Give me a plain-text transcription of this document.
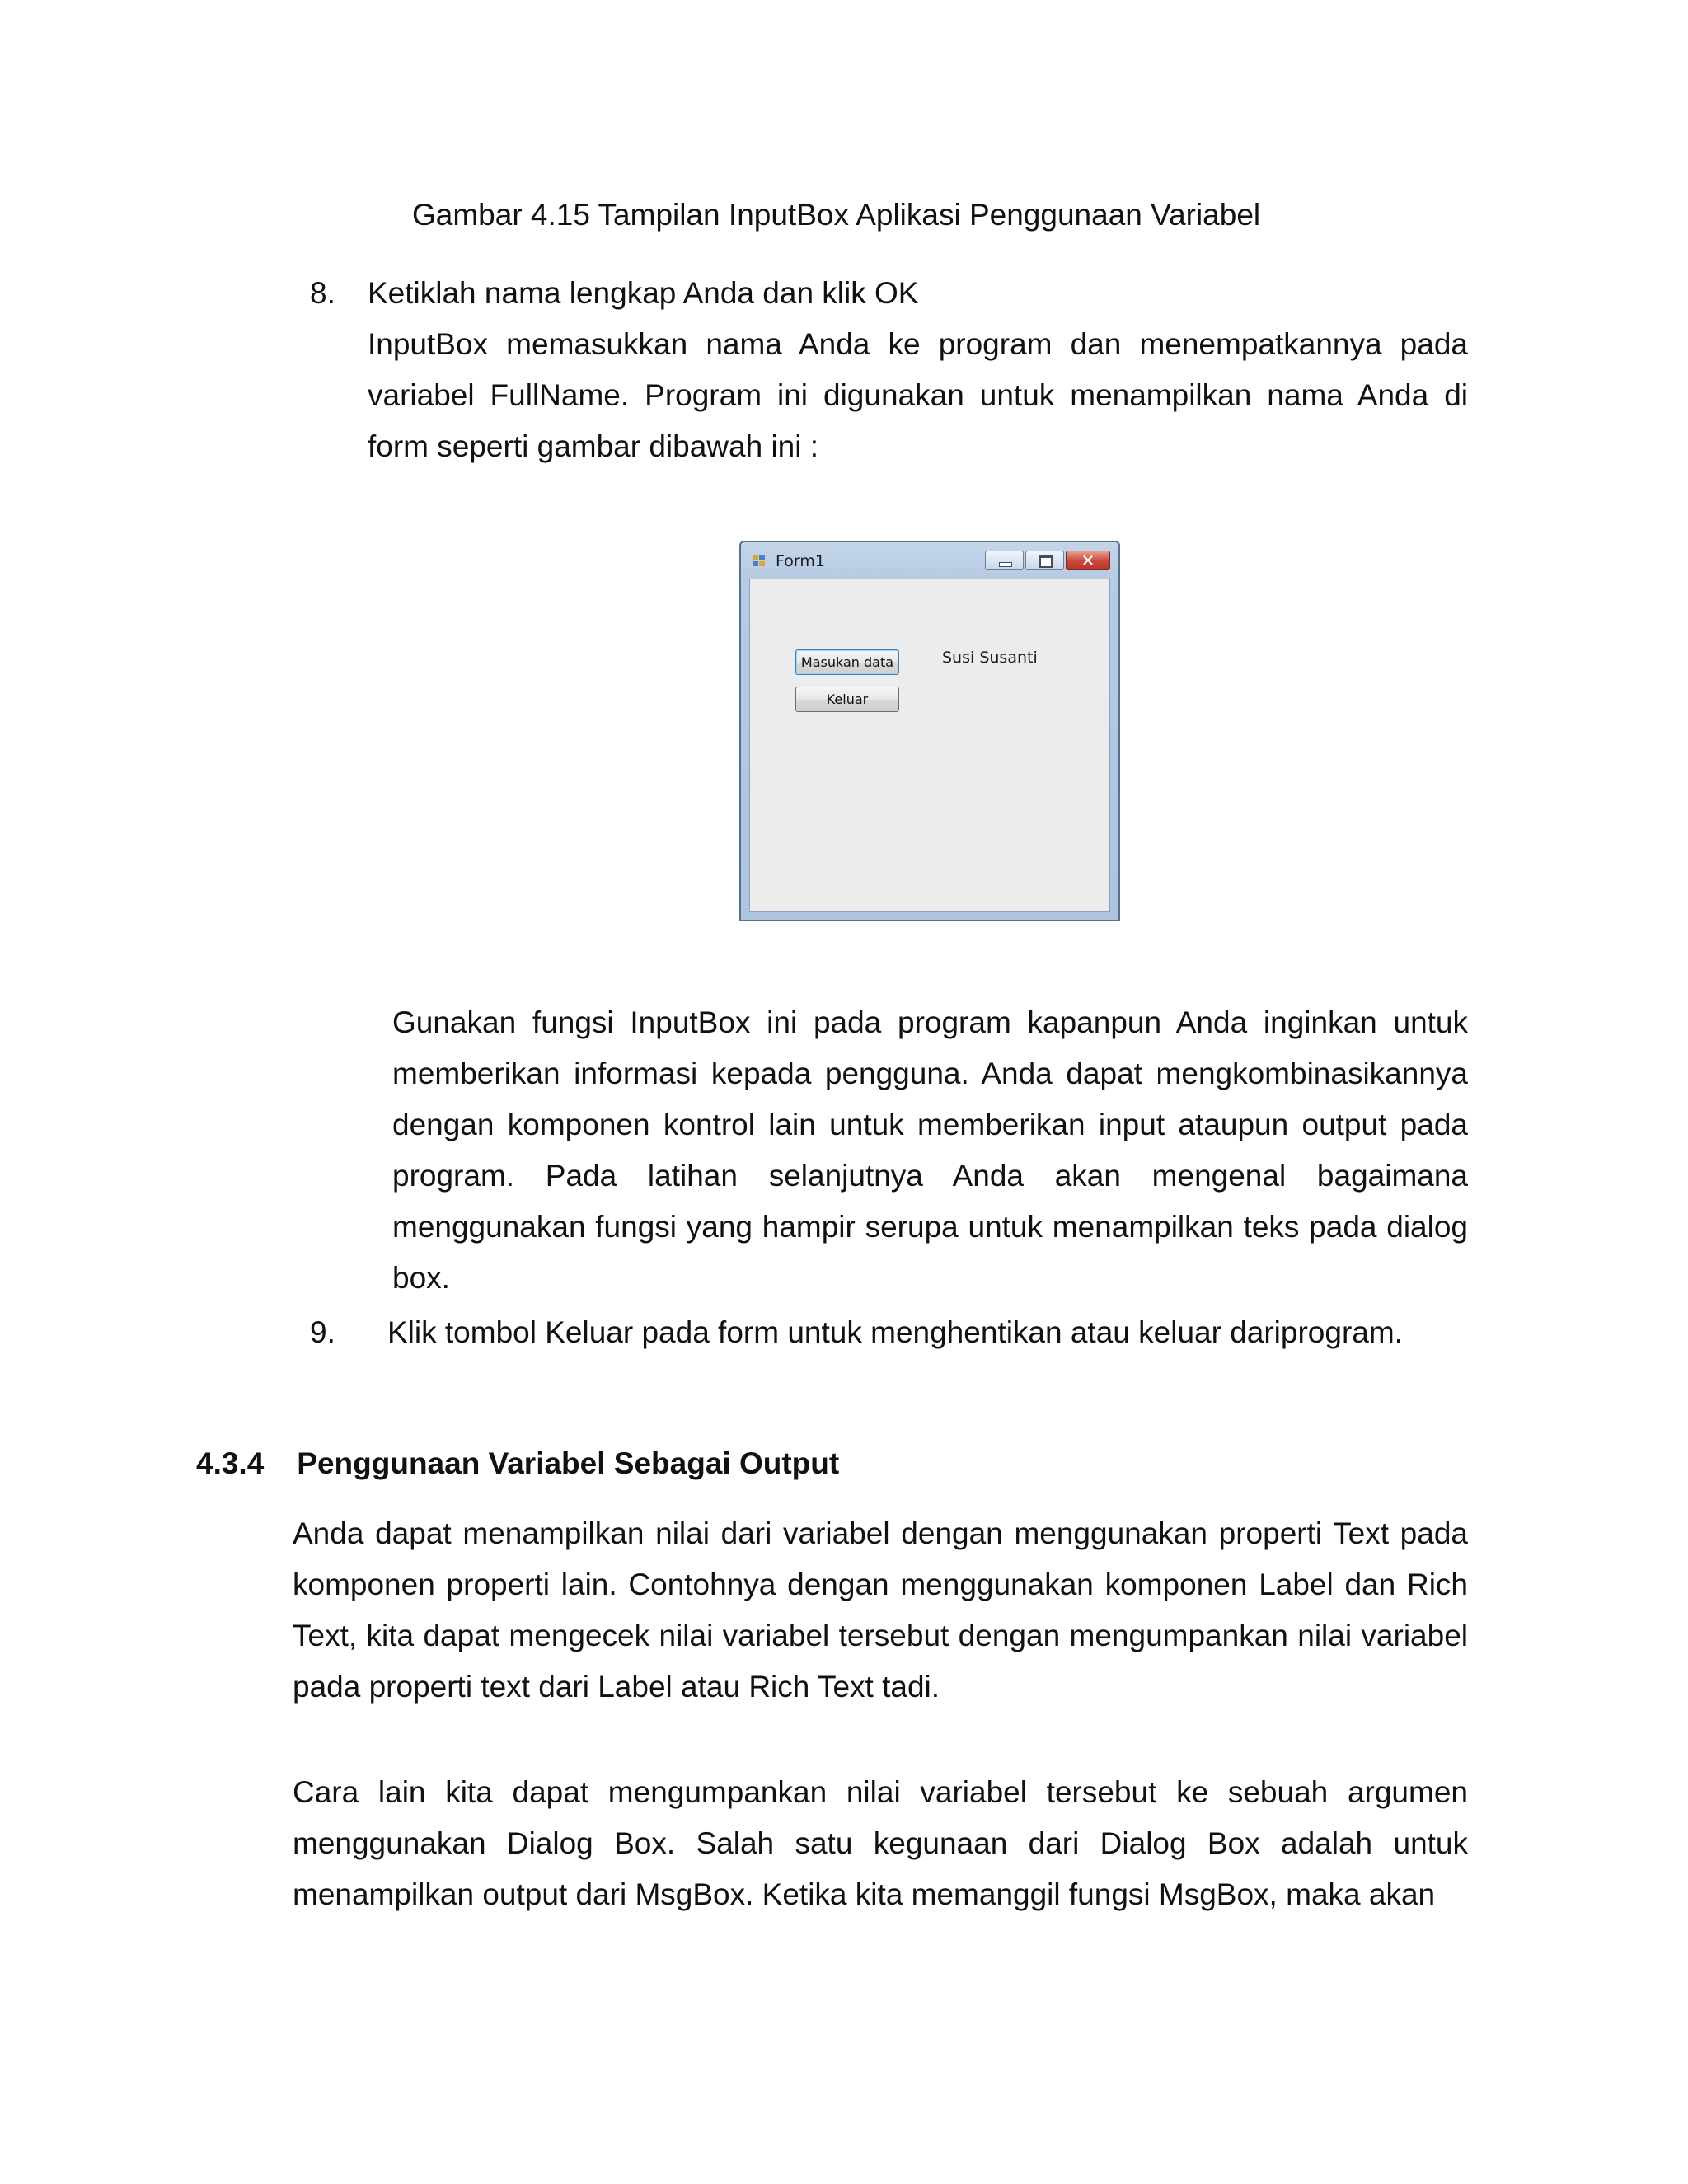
Gambar 4.15 Tampilan InputBox Aplikasi Penggunaan Variabel
8. Ketiklah nama lengkap Anda dan klik OK

InputBox memasukkan nama Anda ke program dan menempatkannya pada variabel FullName. Program ini digunakan untuk menampilkan nama Anda di form seperti gambar dibawah ini :

Form1	✕
Masukan data
Keluar
Susi Susanti

Gunakan fungsi InputBox ini pada program kapanpun Anda inginkan untuk memberikan informasi kepada pengguna. Anda dapat mengkombinasikannya dengan komponen kontrol lain untuk memberikan input ataupun output pada program. Pada latihan selanjutnya Anda akan mengenal bagaimana menggunakan fungsi yang hampir serupa untuk menampilkan teks pada dialog box.

9. Klik tombol Keluar pada form untuk menghentikan atau keluar dariprogram.
4.3.4 Penggunaan Variabel Sebagai Output

Anda dapat menampilkan nilai dari variabel dengan menggunakan properti Text pada komponen properti lain. Contohnya dengan menggunakan komponen Label dan Rich Text, kita dapat mengecek nilai variabel tersebut dengan mengumpankan nilai variabel pada properti text dari Label atau Rich Text tadi.

Cara lain kita dapat mengumpankan nilai variabel tersebut ke sebuah argumen menggunakan Dialog Box. Salah satu kegunaan dari Dialog Box adalah untuk menampilkan output dari MsgBox. Ketika kita memanggil fungsi MsgBox, maka akan
